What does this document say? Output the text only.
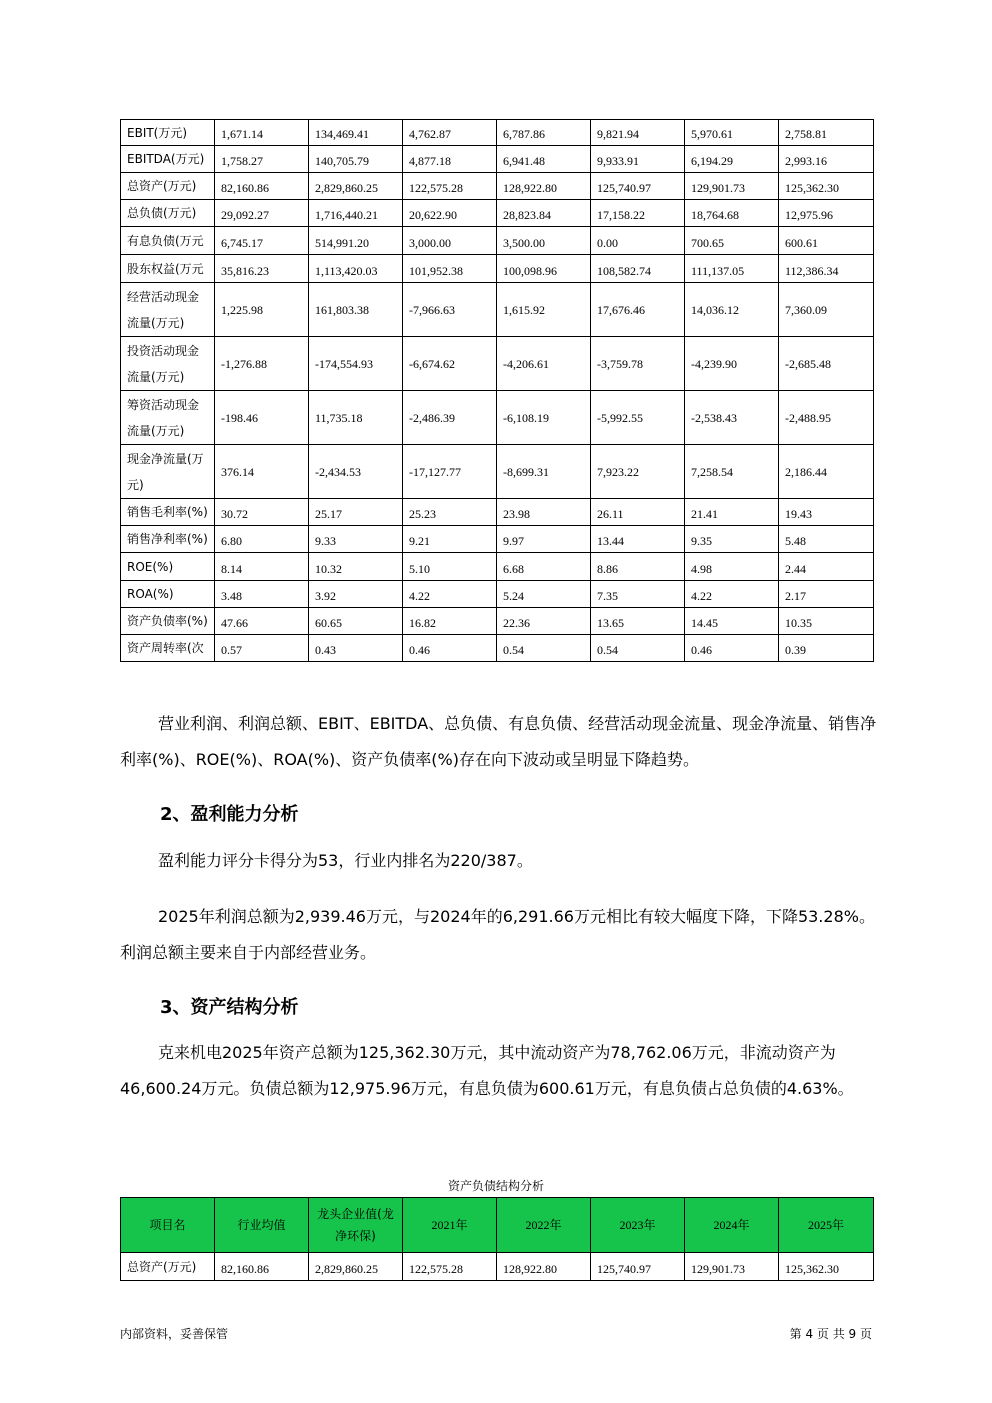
EBIT(万元)	1,671.14	134,469.41	4,762.87	6,787.86	9,821.94	5,970.61	2,758.81
EBITDA(万元)	1,758.27	140,705.79	4,877.18	6,941.48	9,933.91	6,194.29	2,993.16
总资产(万元)	82,160.86	2,829,860.25	122,575.28	128,922.80	125,740.97	129,901.73	125,362.30
总负债(万元)	29,092.27	1,716,440.21	20,622.90	28,823.84	17,158.22	18,764.68	12,975.96
有息负债(万元	6,745.17	514,991.20	3,000.00	3,500.00	0.00	700.65	600.61
股东权益(万元	35,816.23	1,113,420.03	101,952.38	100,098.96	108,582.74	111,137.05	112,386.34
经营活动现金流量(万元)	1,225.98	161,803.38	-7,966.63	1,615.92	17,676.46	14,036.12	7,360.09
投资活动现金流量(万元)	-1,276.88	-174,554.93	-6,674.62	-4,206.61	-3,759.78	-4,239.90	-2,685.48
筹资活动现金流量(万元)	-198.46	11,735.18	-2,486.39	-6,108.19	-5,992.55	-2,538.43	-2,488.95
现金净流量(万元)	376.14	-2,434.53	-17,127.77	-8,699.31	7,923.22	7,258.54	2,186.44
销售毛利率(%)	30.72	25.17	25.23	23.98	26.11	21.41	19.43
销售净利率(%)	6.80	9.33	9.21	9.97	13.44	9.35	5.48
ROE(%)	8.14	10.32	5.10	6.68	8.86	4.98	2.44
ROA(%)	3.48	3.92	4.22	5.24	7.35	4.22	2.17
资产负债率(%)	47.66	60.65	16.82	22.36	13.65	14.45	10.35
资产周转率(次	0.57	0.43	0.46	0.54	0.54	0.46	0.39

营业利润、利润总额、EBIT、EBITDA、总负债、有息负债、经营活动现金流量、现金净流量、销售净利率(%)、ROE(%)、ROA(%)、资产负债率(%)存在向下波动或呈明显下降趋势。

2、盈利能力分析

盈利能力评分卡得分为53，行业内排名为220/387。

2025年利润总额为2,939.46万元，与2024年的6,291.66万元相比有较大幅度下降，下降53.28%。利润总额主要来自于内部经营业务。

3、资产结构分析

克来机电2025年资产总额为125,362.30万元，其中流动资产为78,762.06万元，非流动资产为46,600.24万元。负债总额为12,975.96万元，有息负债为600.61万元，有息负债占总负债的4.63%。

资产负债结构分析
项目名	行业均值	龙头企业值(龙净环保)	2021年	2022年	2023年	2024年	2025年
总资产(万元)	82,160.86	2,829,860.25	122,575.28	128,922.80	125,740.97	129,901.73	125,362.30
内部资料，妥善保管	第 4 页 共 9 页
